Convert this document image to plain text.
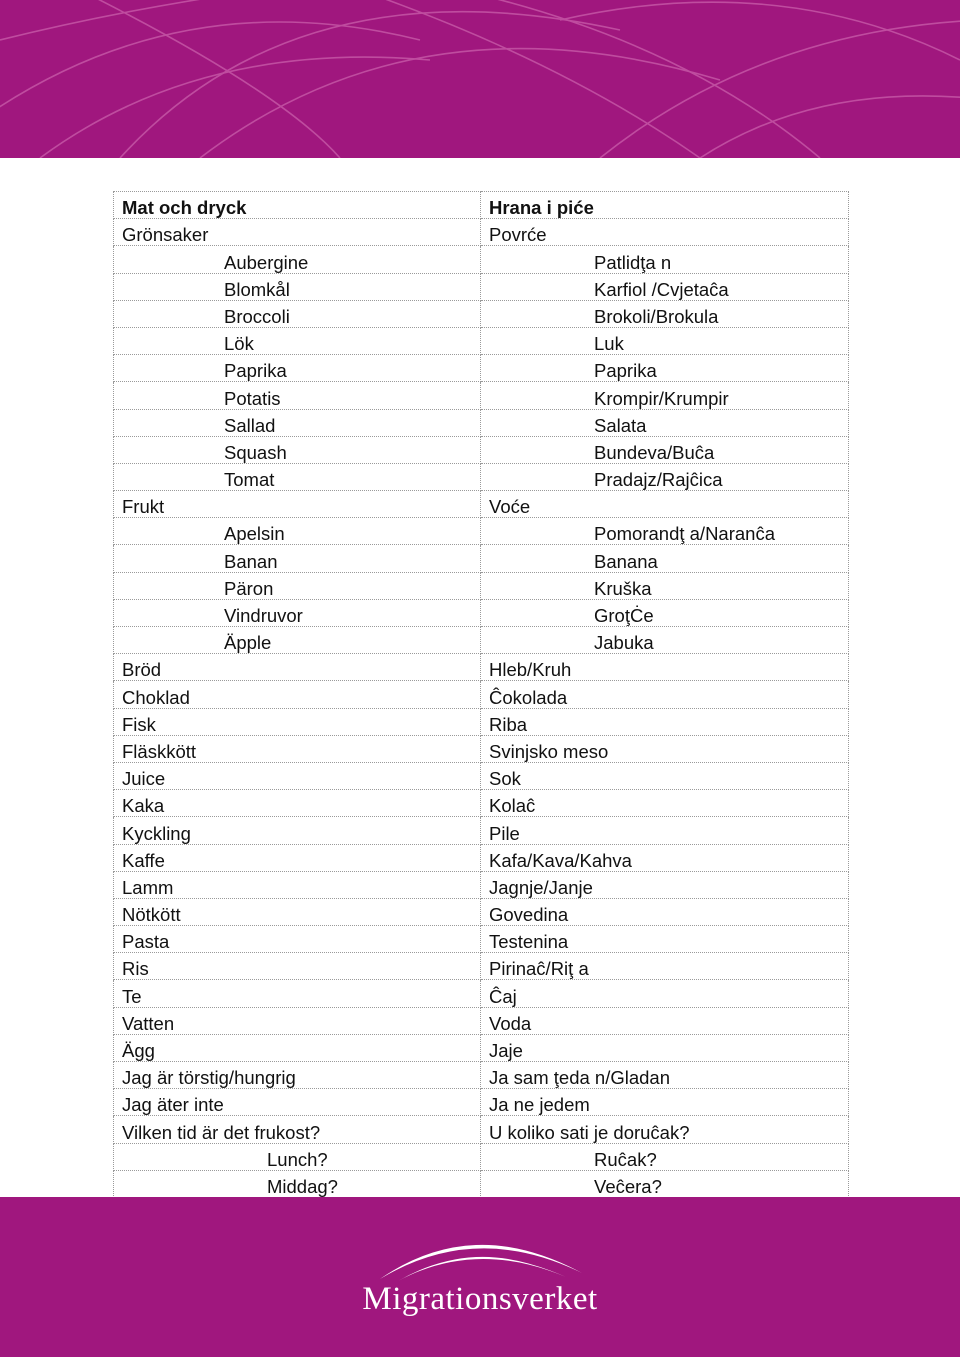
Mat och dryck	Hrana i piće
Grönsaker	Povrće
Aubergine	Patlidţa n
Blomkål	Karfiol /Cvjetaĉa
Broccoli	Brokoli/Brokula
Lök	Luk
Paprika	Paprika
Potatis	Krompir/Krumpir
Sallad	Salata
Squash	Bundeva/Buĉa
Tomat	Pradajz/Rajĉica
Frukt	Voće
Apelsin	Pomorandţ a/Naranĉa
Banan	Banana
Päron	Kruška
Vindruvor	GroţĊe
Äpple	Jabuka
Bröd	Hleb/Kruh
Choklad	Ĉokolada
Fisk	Riba
Fläskkött	Svinjsko meso
Juice	Sok
Kaka	Kolaĉ
Kyckling	Pile
Kaffe	Kafa/Kava/Kahva
Lamm	Jagnje/Janje
Nötkött	Govedina
Pasta	Testenina
Ris	Pirinaĉ/Riţ a
Te	Ĉaj
Vatten	Voda
Ägg	Jaje
Jag är törstig/hungrig	Ja sam ţeda n/Gladan
Jag äter inte	Ja ne jedem
Vilken tid är det frukost?	U koliko sati je doruĉak?
Lunch?	Ruĉak?
Middag?	Veĉera?

Migrationsverket
